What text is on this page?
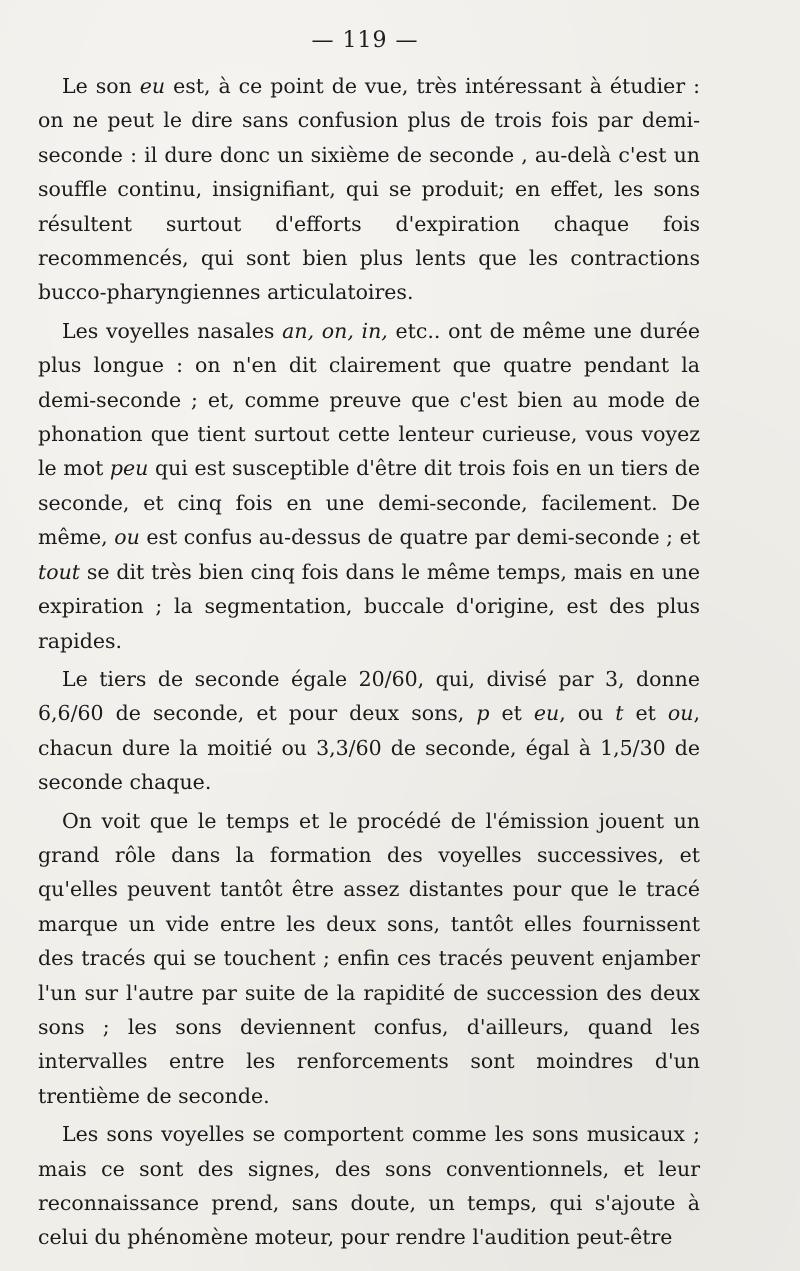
— 119 —

Le son eu est, à ce point de vue, très intéressant à étudier : on ne peut le dire sans confusion plus de trois fois par demi-seconde : il dure donc un sixième de seconde , au-delà c'est un souffle continu, insignifiant, qui se produit; en effet, les sons résultent surtout d'efforts d'expiration chaque fois recommencés, qui sont bien plus lents que les contractions bucco-pharyngiennes articulatoires.

Les voyelles nasales an, on, in, etc.. ont de même une durée plus longue : on n'en dit clairement que quatre pendant la demi-seconde ; et, comme preuve que c'est bien au mode de phonation que tient surtout cette lenteur curieuse, vous voyez le mot peu qui est susceptible d'être dit trois fois en un tiers de seconde, et cinq fois en une demi-seconde, facilement. De même, ou est confus au-dessus de quatre par demi-seconde ; et tout se dit très bien cinq fois dans le même temps, mais en une expiration ; la segmentation, buccale d'origine, est des plus rapides.

Le tiers de seconde égale 20/60, qui, divisé par 3, donne 6,6/60 de seconde, et pour deux sons, p et eu, ou t et ou, chacun dure la moitié ou 3,3/60 de seconde, égal à 1,5/30 de seconde chaque.

On voit que le temps et le procédé de l'émission jouent un grand rôle dans la formation des voyelles successives, et qu'elles peuvent tantôt être assez distantes pour que le tracé marque un vide entre les deux sons, tantôt elles fournissent des tracés qui se touchent ; enfin ces tracés peuvent enjamber l'un sur l'autre par suite de la rapidité de succession des deux sons ; les sons deviennent confus, d'ailleurs, quand les intervalles entre les renforcements sont moindres d'un trentième de seconde.

Les sons voyelles se comportent comme les sons musicaux ; mais ce sont des signes, des sons conventionnels, et leur reconnaissance prend, sans doute, un temps, qui s'ajoute à celui du phénomène moteur, pour rendre l'audition peut-être
